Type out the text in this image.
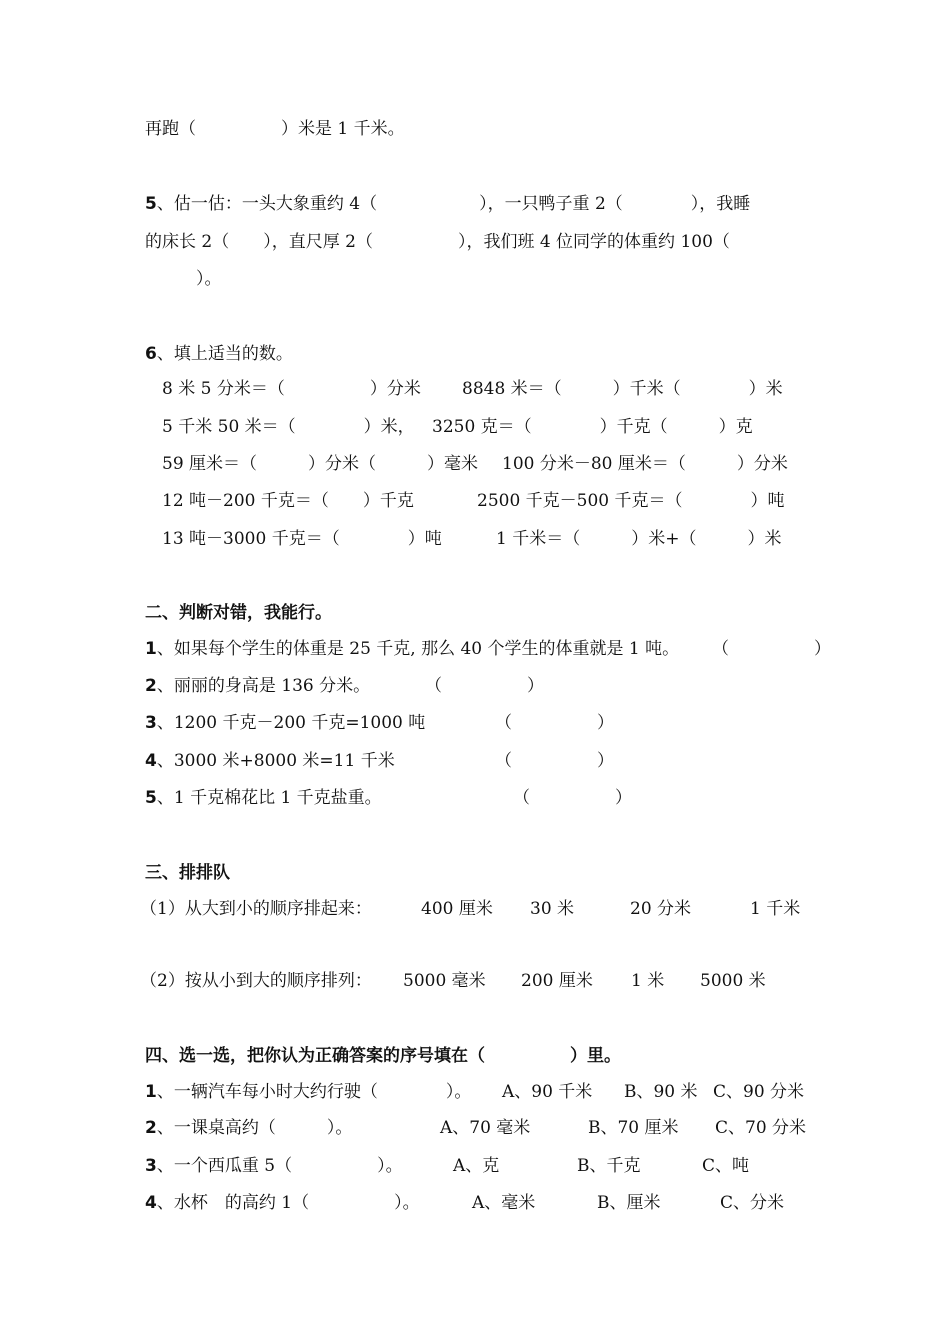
再跑（　　　　　）米是 1 千米。
5、估一估：一头大象重约 4（　　　　　　），一只鸭子重 2（　　　　），我睡
的床长 2（　　），直尺厚 2（　　　　　），我们班 4 位同学的体重约 100（
　　　）。
6、填上适当的数。
8 米 5 分米＝（　　　　　）分米 8848 米＝（　　　）千米（　　　　）米
5 千米 50 米＝（　　　　）米， 3250 克＝（　　　　）千克（　　　）克
59 厘米＝（　　　）分米（　　　）毫米 100 分米－80 厘米＝（　　　）分米
12 吨－200 千克＝（　　）千克	2500 千克－500 千克＝（　　　　）吨
13 吨－3000 千克＝（　　　　）吨	1 千米＝（　　　）米+（　　　）米
二、判断对错，我能行。
1、如果每个学生的体重是 25 千克, 那么 40 个学生的体重就是 1 吨。 （　　　　　）
2、丽丽的身高是 136 分米。	（　　　　　）
3、1200 千克－200 千克=1000 吨	（　　　　　）
4、3000 米+8000 米=11 千米	（　　　　　）
5、1 千克棉花比 1 千克盐重。	（　　　　　）
三、排排队
（1）从大到小的顺序排起来：	400 厘米 30 米	20 分米	1 千米
（2）按从小到大的顺序排列： 5000 毫米 200 厘米 1 米 5000 米
四、选一选，把你认为正确答案的序号填在（　　　　　）里。
1、一辆汽车每小时大约行驶（　　　　）。 A、90 千米 B、90 米 C、90 分米
2、一课桌高约（　　　）。	A、70 毫米	B、70 厘米 C、70 分米
3、一个西瓜重 5（　　　　　）。	A、克	B、千克	C、吨
4、水杯　的高约 1（　　　　　）。	A、毫米	B、厘米	C、分米
